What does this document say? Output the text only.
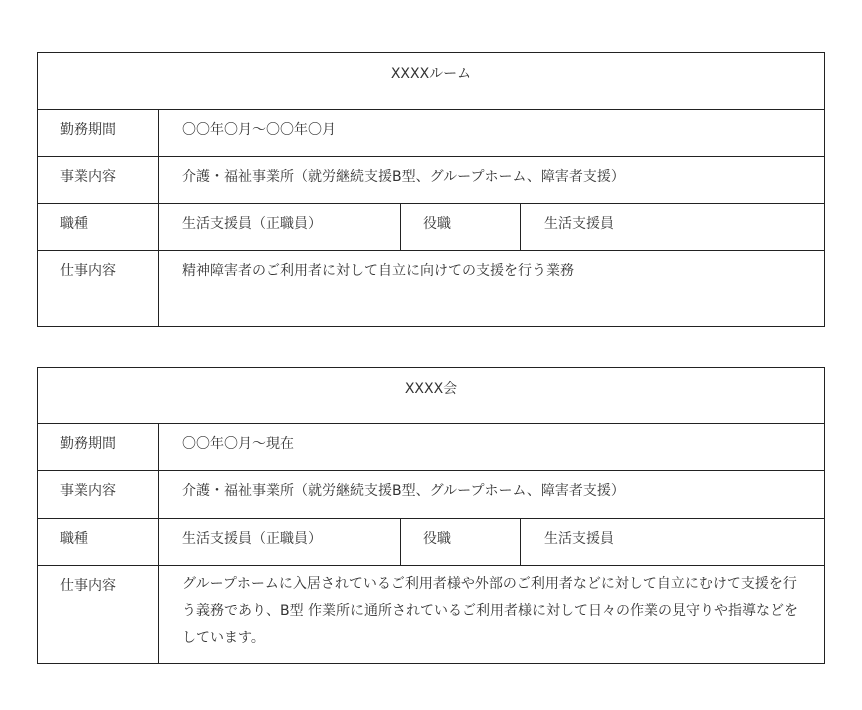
XXXXルーム
勤務期間	〇〇年〇月〜〇〇年〇月
事業内容	介護・福祉事業所（就労継続支援B型、グループホーム、障害者支援）
職種	生活支援員（正職員）	役職	生活支援員
仕事内容	精神障害者のご利用者に対して自立に向けての支援を行う業務
XXXX会
勤務期間	〇〇年〇月〜現在
事業内容	介護・福祉事業所（就労継続支援B型、グループホーム、障害者支援）
職種	生活支援員（正職員）	役職	生活支援員
仕事内容	グループホームに入居されているご利用者様や外部のご利用者などに対して自立にむけて支援を行う義務であり、B型 作業所に通所されているご利用者様に対して日々の作業の見守りや指導などをしています。
